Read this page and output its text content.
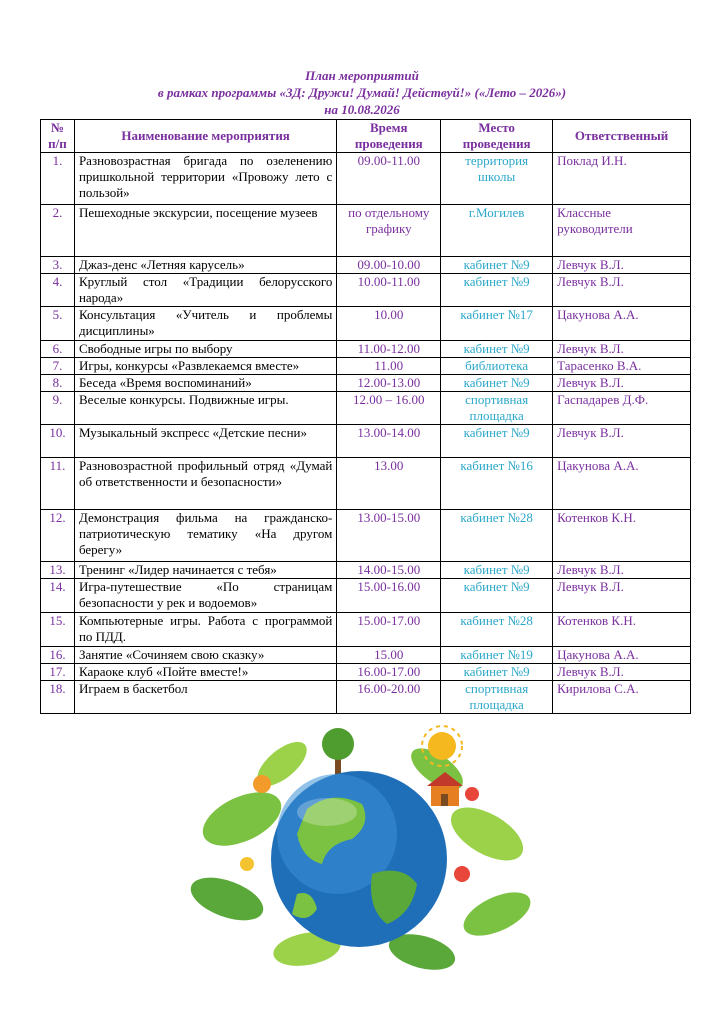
План мероприятий
в рамках программы «3Д: Дружи! Думай! Действуй!» («Лето – 2026»)
на 10.08.2026
№ п/п	Наименование мероприятия	Время проведения	Место проведения	Ответственный
1.	Разновозрастная бригада по озеленению пришкольной территории «Провожу лето с пользой»	09.00-11.00	территория школы	Поклад И.Н.
2.	Пешеходные экскурсии, посещение музеев	по отдельному графику	г.Могилев	Классные руководители
3.	Джаз-денс «Летняя карусель»	09.00-10.00	кабинет №9	Левчук В.Л.
4.	Круглый стол «Традиции белорусского народа»	10.00-11.00	кабинет №9	Левчук В.Л.
5.	Консультация «Учитель и проблемы дисциплины»	10.00	кабинет №17	Цакунова А.А.
6.	Свободные игры по выбору	11.00-12.00	кабинет №9	Левчук В.Л.
7.	Игры, конкурсы «Развлекаемся вместе»	11.00	библиотека	Тарасенко В.А.
8.	Беседа «Время воспоминаний»	12.00-13.00	кабинет №9	Левчук В.Л.
9.	Веселые конкурсы. Подвижные игры.	12.00 – 16.00	спортивная площадка	Гаспадарев Д.Ф.
10.	Музыкальный экспресс «Детские песни»	13.00-14.00	кабинет №9	Левчук В.Л.
11.	Разновозрастной профильный отряд «Думай об ответственности и безопасности»	13.00	кабинет №16	Цакунова А.А.
12.	Демонстрация фильма на гражданско-патриотическую тематику «На другом берегу»	13.00-15.00	кабинет №28	Котенков К.Н.
13.	Тренинг «Лидер начинается с тебя»	14.00-15.00	кабинет №9	Левчук В.Л.
14.	Игра-путешествие «По страницам безопасности у рек и водоемов»	15.00-16.00	кабинет №9	Левчук В.Л.
15.	Компьютерные игры. Работа с программой по ПДД.	15.00-17.00	кабинет №28	Котенков К.Н.
16.	Занятие «Сочиняем свою сказку»	15.00	кабинет №19	Цакунова А.А.
17.	Караоке клуб «Пойте вместе!»	16.00-17.00	кабинет №9	Левчук В.Л.
18.	Играем в баскетбол	16.00-20.00	спортивная площадка	Кирилова С.А.
